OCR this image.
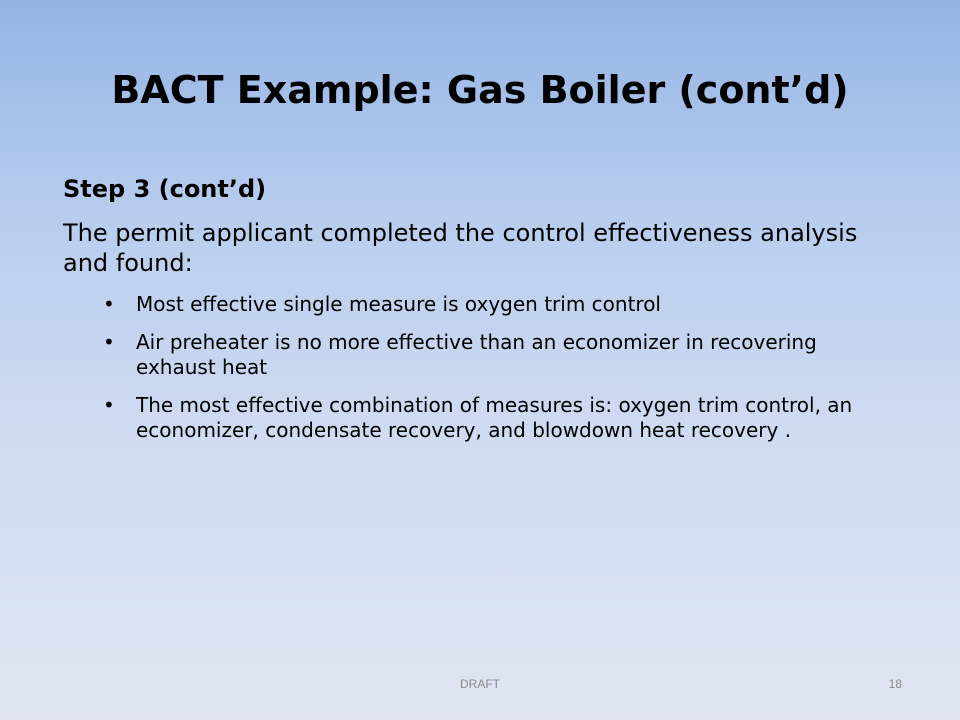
BACT Example: Gas Boiler (cont’d)
Step 3 (cont’d)
The permit applicant completed the control effectiveness analysis and found:
• Most effective single measure is oxygen trim control
• Air preheater is no more effective than an economizer in recovering exhaust heat
• The most effective combination of measures is: oxygen trim control, an economizer, condensate recovery, and blowdown heat recovery .
DRAFT	18
